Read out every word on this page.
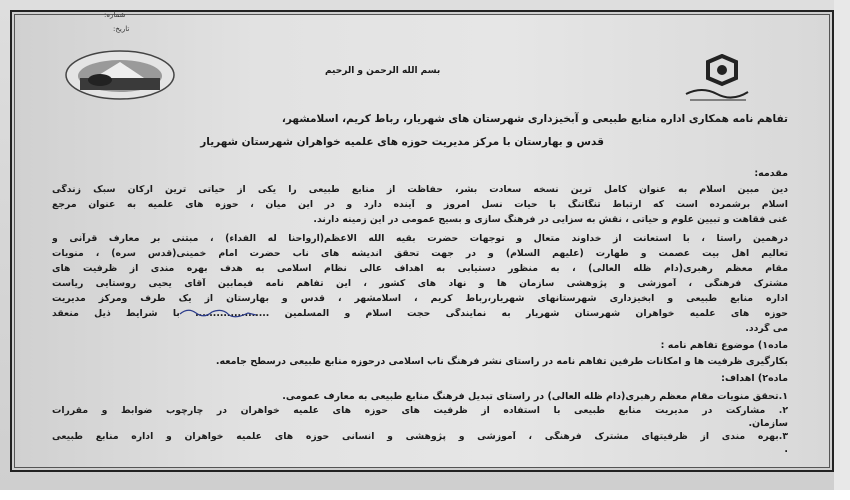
شماره:
تاریخ:
بسم الله الرحمن و الرحیم
تفاهم نامه همکاری اداره منابع طبیعی و آبخیزداری شهرستان های شهریار، رباط کریم، اسلامشهر،
قدس و بهارستان با مرکز مدیریت حوزه های علمیه خواهران شهرستان شهریار
مقدمه:
دین مبین اسلام به عنوان کامل ترین نسخه سعادت بشر، حفاظت از منابع طبیعی را یکی از حیاتی ترین ارکان سبک زندگی
اسلام برشمرده است که ارتباط تنگاتنگ با حیات نسل امروز و آینده دارد و در این میان ، حوزه های علمیه به عنوان مرجع
غنی فقاهت و تبیین علوم و حیاتی ، نقش به سزایی در فرهنگ سازی و بسیج عمومی در این زمینه دارند.
درهمین راستا ، با استعانت از خداوند متعال و توجهات حضرت بقیه الله الاعظم(ارواحنا له الفداء) ، مبتنی بر معارف قرآنی و
تعالیم اهل بیت عصمت و طهارت (علیهم السلام) و در جهت تحقق اندیشه های ناب حضرت امام خمینی(قدس سره) ، منویات
مقام معظم رهبری(دام ظله العالی) ، به منظور دستیابی به اهداف عالی نظام اسلامی به هدف بهره مندی از ظرفیت های
مشترک فرهنگی ، آموزشی و پژوهشی سازمان ها و نهاد های کشور ، این تفاهم نامه فیمابین آقای یحیی روستایی ریاست
اداره منابع طبیعی و ابخیزداری شهرستانهای شهریار،رباط کریم ، اسلامشهر ، قدس و بهارستان از یک طرف ومرکز مدیریت
حوزه های علمیه خواهران شهرستان شهریار به نمایندگی حجت اسلام و المسلمین ..................... با شرایط ذیل منعقد
می گردد.
ماده۱) موضوع تفاهم نامه :
بکارگیری ظرفیت ها و امکانات طرفین تفاهم نامه در راستای نشر فرهنگ ناب اسلامی درحوزه منابع طبیعی درسطح جامعه.
ماده۲) اهداف:
۱.تحقق منویات مقام معظم رهبری(دام ظله العالی) در راستای تبدیل فرهنگ منابع طبیعی به معارف عمومی.
۲. مشارکت در مدیریت منابع طبیعی با استفاده از ظرفیت های حوزه های علمیه خواهران در چارچوب ضوابط و مقررات
سازمان.
۳.بهره مندی از ظرفیتهای مشترک فرهنگی ، آموزشی و پژوهشی و انسانی حوزه های علمیه خواهران و اداره منابع طبیعی
.
